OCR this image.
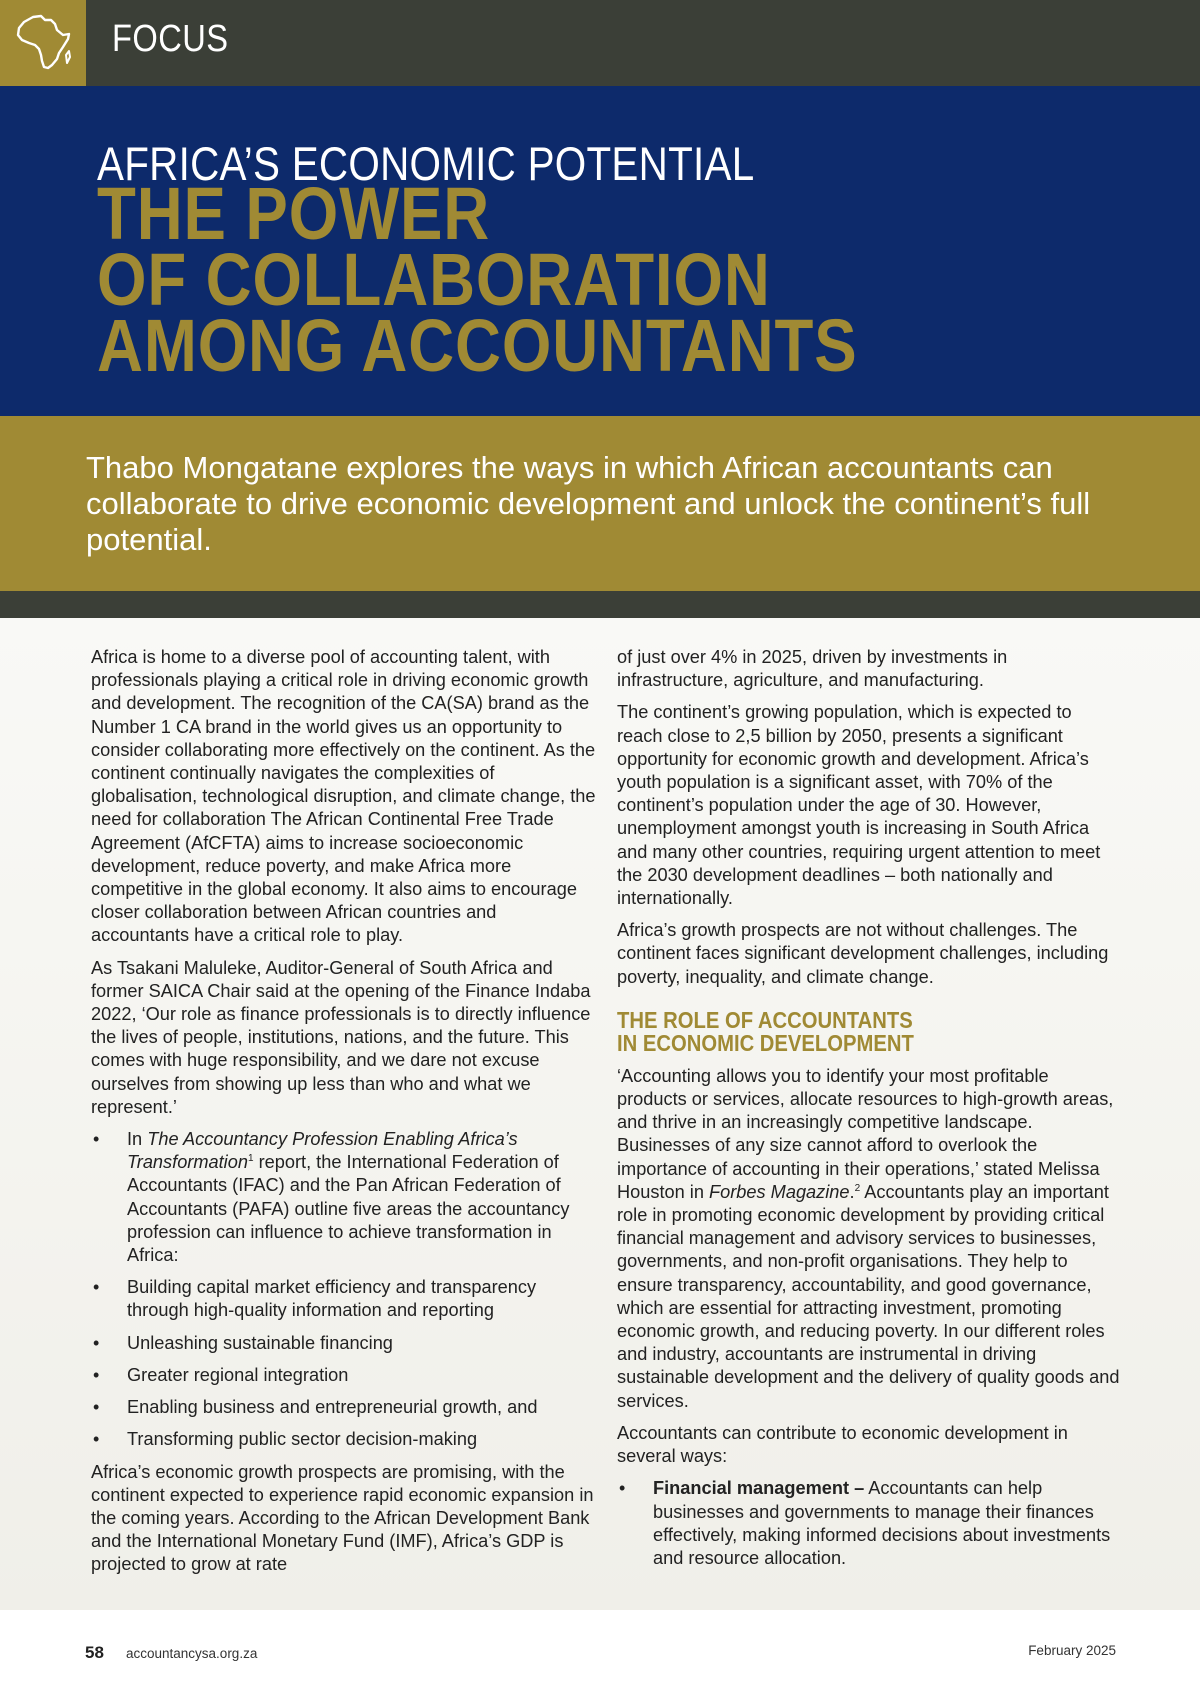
FOCUS
AFRICA’S ECONOMIC POTENTIAL
THE POWER
OF COLLABORATION
AMONG ACCOUNTANTS

Thabo Mongatane explores the ways in which African accountants can collaborate to drive economic development and unlock the continent’s full potential.

Africa is home to a diverse pool of accounting talent, with professionals playing a critical role in driving economic growth and development. The recognition of the CA(SA) brand as the Number 1 CA brand in the world gives us an opportunity to consider collaborating more effectively on the continent. As the continent continually navigates the complexities of globalisation, technological disruption, and climate change, the need for collaboration The African Continental Free Trade Agreement (AfCFTA) aims to increase socioeconomic development, reduce poverty, and make Africa more competitive in the global economy. It also aims to encourage closer collaboration between African countries and accountants have a critical role to play.

As Tsakani Maluleke, Auditor-General of South Africa and former SAICA Chair said at the opening of the Finance Indaba 2022, ‘Our role as finance professionals is to directly influence the lives of people, institutions, nations, and the future. This comes with huge responsibility, and we dare not excuse ourselves from showing up less than who and what we represent.’

• In The Accountancy Profession Enabling Africa’s Transformation$^1$ report, the International Federation of Accountants (IFAC) and the Pan African Federation of Accountants (PAFA) outline five areas the accountancy profession can influence to achieve transformation in Africa:
• Building capital market efficiency and transparency through high-quality information and reporting
• Unleashing sustainable financing
• Greater regional integration
• Enabling business and entrepreneurial growth, and
• Transforming public sector decision-making

Africa’s economic growth prospects are promising, with the continent expected to experience rapid economic expansion in the coming years. According to the African Development Bank and the International Monetary Fund (IMF), Africa’s GDP is projected to grow at rate

of just over 4% in 2025, driven by investments in infrastructure, agriculture, and manufacturing.

The continent’s growing population, which is expected to reach close to 2,5 billion by 2050, presents a significant opportunity for economic growth and development. Africa’s youth population is a significant asset, with 70% of the continent’s population under the age of 30. However, unemployment amongst youth is increasing in South Africa and many other countries, requiring urgent attention to meet the 2030 development deadlines – both nationally and internationally.

Africa’s growth prospects are not without challenges. The continent faces significant development challenges, including poverty, inequality, and climate change.

THE ROLE OF ACCOUNTANTS
IN ECONOMIC DEVELOPMENT

‘Accounting allows you to identify your most profitable products or services, allocate resources to high-growth areas, and thrive in an increasingly competitive landscape. Businesses of any size cannot afford to overlook the importance of accounting in their operations,’ stated Melissa Houston in Forbes Magazine.$^2$ Accountants play an important role in promoting economic development by providing critical financial management and advisory services to businesses, governments, and non-profit organisations. They help to ensure transparency, accountability, and good governance, which are essential for attracting investment, promoting economic growth, and reducing poverty. In our different roles and industry, accountants are instrumental in driving sustainable development and the delivery of quality goods and services.

Accountants can contribute to economic development in several ways:

• Financial management – Accountants can help businesses and governments to manage their finances effectively, making informed decisions about investments and resource allocation.
58 accountancysa.org.za	February 2025
